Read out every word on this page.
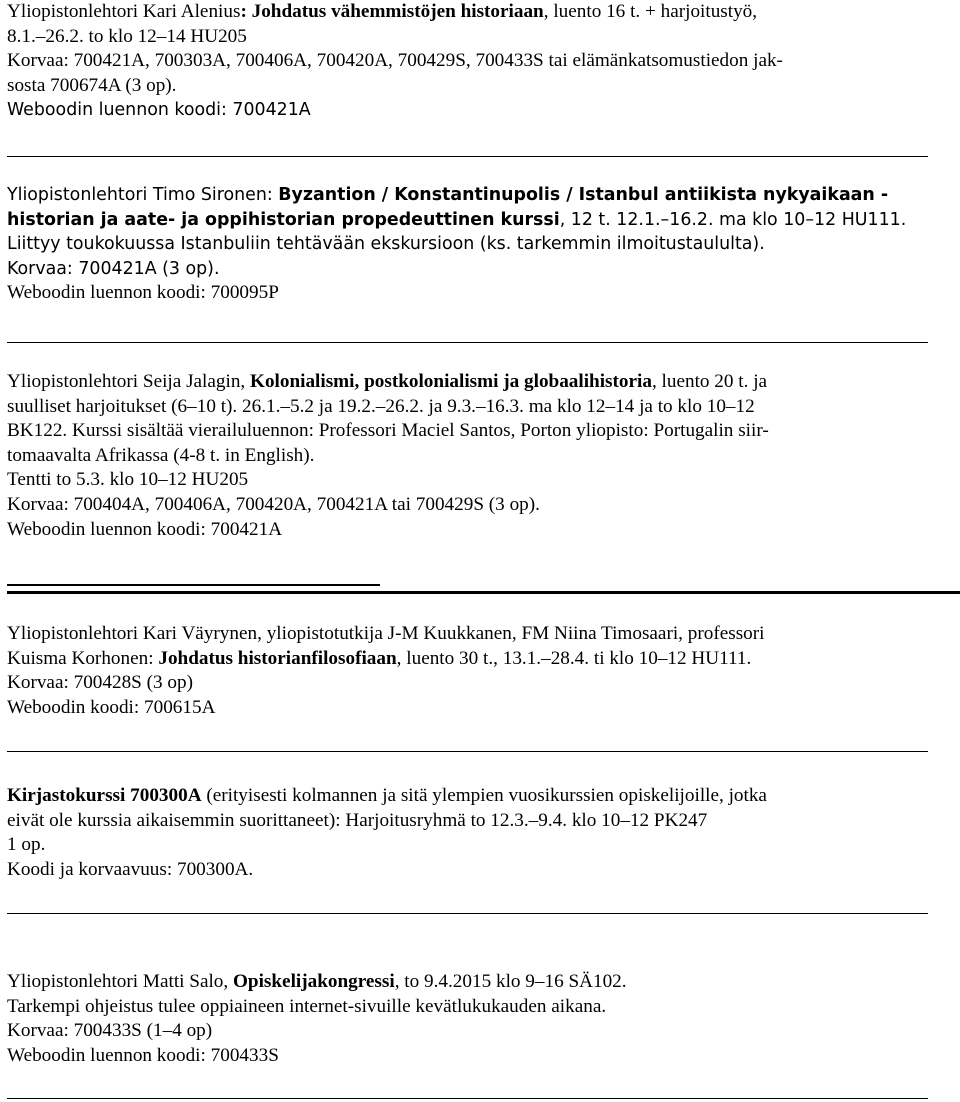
Yliopistonlehtori Kari Alenius: Johdatus vähemmistöjen historiaan, luento 16 t. + harjoitustyö,
8.1.–26.2. to klo 12–14 HU205
Korvaa: 700421A, 700303A, 700406A, 700420A, 700429S, 700433S tai elämänkatsomustiedon jak-
sosta 700674A (3 op).
Weboodin luennon koodi: 700421A
Yliopistonlehtori Timo Sironen: Byzantion / Konstantinupolis / Istanbul antiikista nykyaikaan -
historian ja aate- ja oppihistorian propedeuttinen kurssi, 12 t. 12.1.–16.2. ma klo 10–12 HU111.
Liittyy toukokuussa Istanbuliin tehtävään ekskursioon (ks. tarkemmin ilmoitustaululta).
Korvaa: 700421A (3 op).
Weboodin luennon koodi: 700095P
Yliopistonlehtori Seija Jalagin, Kolonialismi, postkolonialismi ja globaalihistoria, luento 20 t. ja
suulliset harjoitukset (6–10 t). 26.1.–5.2 ja 19.2.–26.2. ja 9.3.–16.3. ma klo 12–14 ja to klo 10–12
BK122. Kurssi sisältää vierailuluennon: Professori Maciel Santos, Porton yliopisto: Portugalin siir-
tomaavalta Afrikassa (4-8 t. in English).
Tentti to 5.3. klo 10–12 HU205
Korvaa: 700404A, 700406A, 700420A, 700421A tai 700429S (3 op).
Weboodin luennon koodi: 700421A
Yliopistonlehtori Kari Väyrynen, yliopistotutkija J-M Kuukkanen, FM Niina Timosaari, professori
Kuisma Korhonen: Johdatus historianfilosofiaan, luento 30 t., 13.1.–28.4. ti klo 10–12 HU111.
Korvaa: 700428S (3 op)
Weboodin koodi: 700615A
Kirjastokurssi 700300A (erityisesti kolmannen ja sitä ylempien vuosikurssien opiskelijoille, jotka
eivät ole kurssia aikaisemmin suorittaneet): Harjoitusryhmä to 12.3.–9.4. klo 10–12 PK247
1 op.
Koodi ja korvaavuus: 700300A.
Yliopistonlehtori Matti Salo, Opiskelijakongressi, to 9.4.2015 klo 9–16 SÄ102.
Tarkempi ohjeistus tulee oppiaineen internet-sivuille kevätlukukauden aikana.
Korvaa: 700433S (1–4 op)
Weboodin luennon koodi: 700433S
